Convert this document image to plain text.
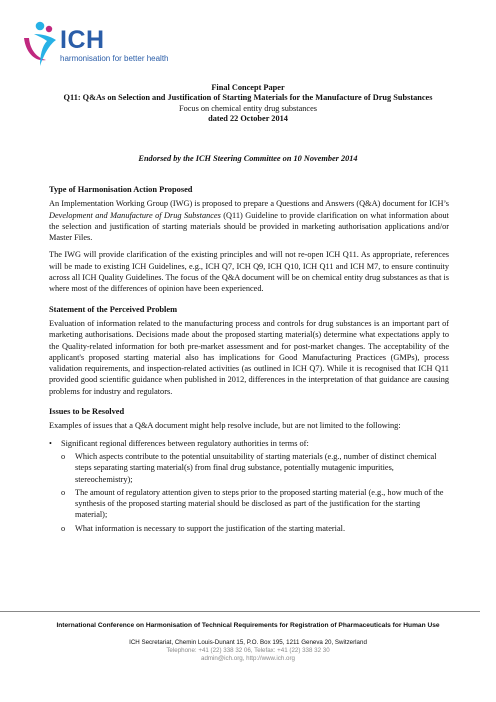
ICH
harmonisation for better health
Final Concept Paper
Q11: Q&As on Selection and Justification of Starting Materials for the Manufacture of Drug Substances
Focus on chemical entity drug substances
dated 22 October 2014
Endorsed by the ICH Steering Committee on 10 November 2014
Type of Harmonisation Action Proposed

An Implementation Working Group (IWG) is proposed to prepare a Questions and Answers (Q&A) document for ICH’s Development and Manufacture of Drug Substances (Q11) Guideline to provide clarification on what information about the selection and justification of starting materials should be provided in marketing authorisation applications and/or Master Files.

The IWG will provide clarification of the existing principles and will not re-open ICH Q11. As appropriate, references will be made to existing ICH Guidelines, e.g., ICH Q7, ICH Q9, ICH Q10, ICH Q11 and ICH M7, to ensure continuity across all ICH Quality Guidelines. The focus of the Q&A document will be on chemical entity drug substances as that is where most of the differences of opinion have been experienced.

Statement of the Perceived Problem

Evaluation of information related to the manufacturing process and controls for drug substances is an important part of marketing authorisations. Decisions made about the proposed starting material(s) determine what expectations apply to the Quality-related information for both pre-market assessment and for post-market changes. The acceptability of the applicant's proposed starting material also has implications for Good Manufacturing Practices (GMPs), process validation requirements, and inspection-related activities (as outlined in ICH Q7). While it is recognised that ICH Q11 provided good scientific guidance when published in 2012, differences in the interpretation of that guidance are causing problems for industry and regulators.

Issues to be Resolved

Examples of issues that a Q&A document might help resolve include, but are not limited to the following:

• Significant regional differences between regulatory authorities in terms of:
o Which aspects contribute to the potential unsuitability of starting materials (e.g., number of distinct chemical steps separating starting material(s) from final drug substance, potentially mutagenic impurities, stereochemistry);
o The amount of regulatory attention given to steps prior to the proposed starting material (e.g., how much of the synthesis of the proposed starting material should be disclosed as part of the justification for the starting material);
o What information is necessary to support the justification of the starting material.
International Conference on Harmonisation of Technical Requirements for Registration of Pharmaceuticals for Human Use
ICH Secretariat, Chemin Louis-Dunant 15, P.O. Box 195, 1211 Geneva 20, Switzerland
Telephone: +41 (22) 338 32 06, Telefax: +41 (22) 338 32 30
admin@ich.org, http://www.ich.org
